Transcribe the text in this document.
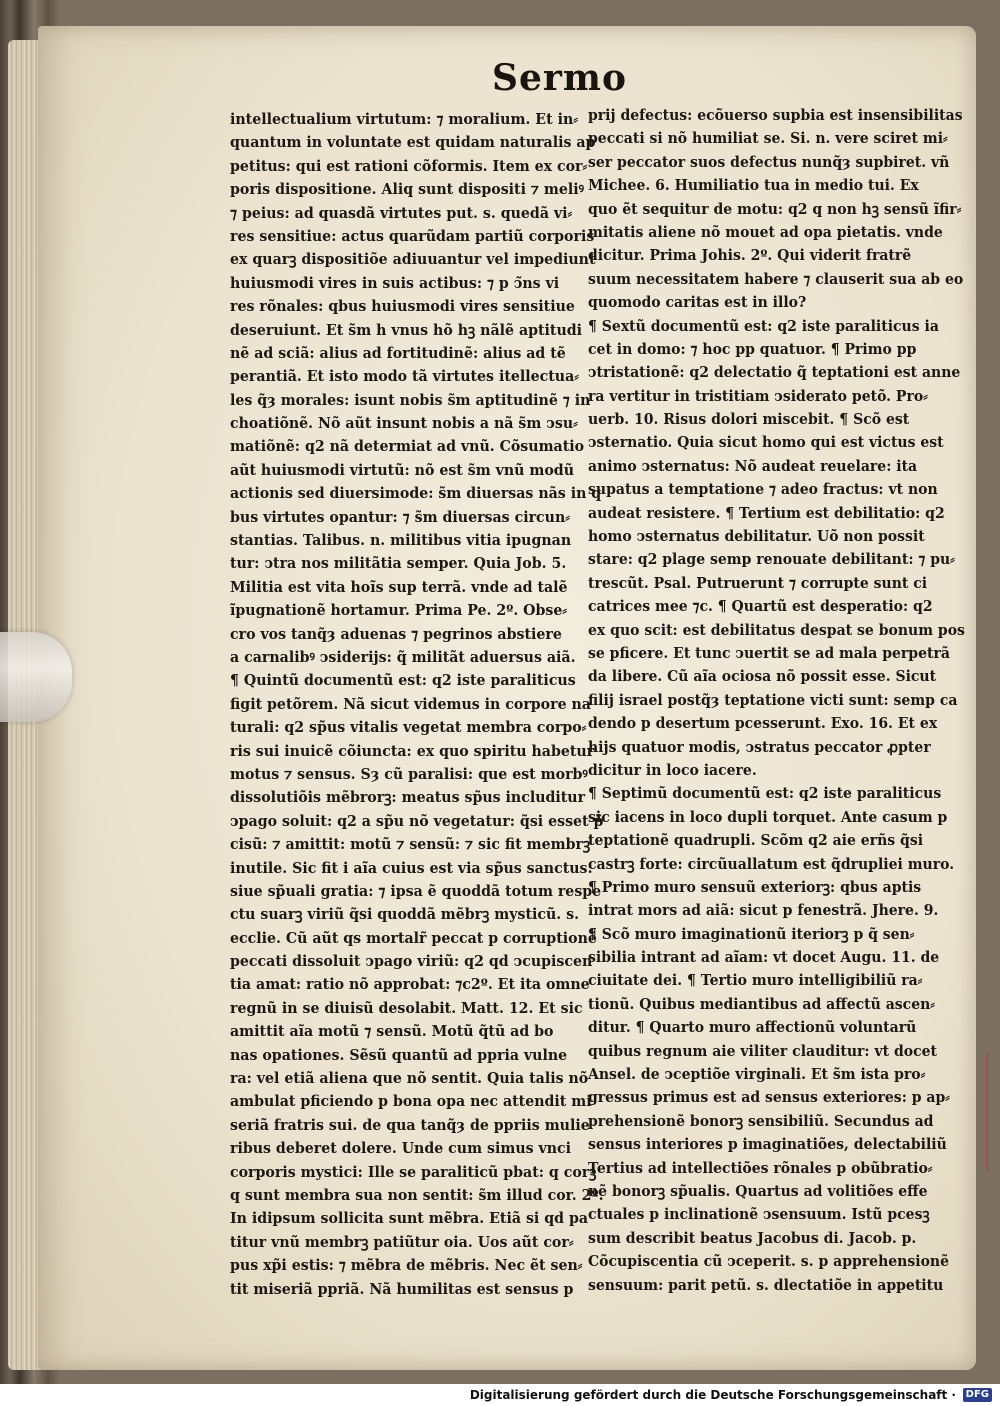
Sermo
intellectualium virtutum: ⁊ moralium. Et in⸗
quantum in voluntate est quidam naturalis ap
petitus: qui est rationi cõformis. Item ex cor⸗
poris dispositione. Aliq sunt dispositi ⁊ meliꝰ
⁊ peius: ad quasdã virtutes put. s. quedã vi⸗
res sensitiue: actus quarũdam partiũ corporis
ex quarꝫ dispositiõe adiuuantur vel impediunt
huiusmodi vires in suis actibus: ⁊ p ↄ̃ns vi
res rõnales: qbus huiusmodi vires sensitiue
deseruiunt. Et s̃m h vnus hõ hꝫ nãlẽ aptitudi
nẽ ad sciã: alius ad fortitudinẽ: alius ad tẽ
perantiã. Et isto modo tã virtutes itellectua⸗
les q̃ȝ morales: isunt nobis s̃m aptitudinẽ ⁊ in
choatiõnẽ. Nõ aũt insunt nobis a nã s̃m ↄsu⸗
matiõnẽ: q2 nã determiat ad vnũ. Cõsumatio
aũt huiusmodi virtutũ: nõ est s̃m vnũ modũ
actionis sed diuersimode: s̃m diuersas nãs in q
bus virtutes opantur: ⁊ s̃m diuersas circun⸗
stantias. Talibus. n. militibus vitia ipugnan
tur: ↄtra nos militãtia semper. Quia Job. 5.
Militia est vita hoĩs sup terrã. vnde ad talẽ
ĩpugnationẽ hortamur. Prima Pe. 2º. Obse⸗
cro vos tanq̃ȝ aduenas ⁊ pegrinos abstiere
a carnalibꝰ ↄsiderijs: q̃ militãt aduersus aiã.
¶ Quintũ documentũ est: q2 iste paraliticus
figit petõrem. Nã sicut videmus in corpore na
turali: q2 sp̃us vitalis vegetat membra corpo⸗
ris sui inuicẽ cõiuncta: ex quo spiritu habetur
motus ⁊ sensus. Sȝ cũ paralisi: que est morbꝰ
dissolutiõis mẽbrorꝫ: meatus sp̃us includitur
ↄpago soluit: q2 a sp̃u nõ vegetatur: q̃si esset p̃
cisũ: ⁊ amittit: motũ ⁊ sensũ: ⁊ sic fit membrꝫ
inutile. Sic fit i aĩa cuius est via sp̃us sanctus:
siue sp̃uali gratia: ⁊ ipsa ẽ quoddã totum respe
ctu suarꝫ viriũ q̃si quoddã mẽbrꝫ mysticũ. s.
ecclie. Cũ aũt qs mortalr̃ peccat p corruptionẽ
peccati dissoluit ↄpago viriũ: q2 qd ↄcupiscen
tia amat: ratio nõ approbat: ⁊c2º. Et ita omne
regnũ in se diuisũ desolabit. Matt. 12. Et sic
amittit aĩa motũ ⁊ sensũ. Motũ q̃tũ ad bo
nas opationes. Sẽsũ quantũ ad ppria vulne
ra: vel etiã aliena que nõ sentit. Quia talis nõ
ambulat pficiendo p bona opa nec attendit mi
seriã fratris sui. de qua tanq̃ȝ de ppriis mulie
ribus deberet dolere. Unde cum simus vnci
corporis mystici: Ille se paraliticũ pbat: q corꝫ
q sunt membra sua non sentit: s̃m illud cor. 2º.
In idipsum sollicita sunt mẽbra. Etiã si qd pa
titur vnũ membrꝫ patiũtur oia. Uos aũt cor⸗
pus xp̃i estis: ⁊ mẽbra de mẽbris. Nec ẽt sen⸗
tit miseriã ppriã. Nã humilitas est sensus p
prij defectus: ecõuerso supbia est insensibilitas
peccati si nõ humiliat se. Si. n. vere sciret mi⸗
ser peccator suos defectus nunq̃ȝ supbiret. vñ
Michee. 6. Humiliatio tua in medio tui. Ex
quo ẽt sequitur de motu: q2 q non hꝫ sensũ ĩfir⸗
mitatis aliene nõ mouet ad opa pietatis. vnde
dicitur. Prima Johis. 2º. Qui viderit fratrẽ
suum necessitatem habere ⁊ clauserit sua ab eo
quomodo caritas est in illo?
¶ Sextũ documentũ est: q2 iste paraliticus ia
cet in domo: ⁊ hoc pp quatuor. ¶ Primo pp
ↄtristationẽ: q2 delectatio q̃ teptationi est anne
ra vertitur in tristitiam ↄsiderato petõ. Pro⸗
uerb. 10. Risus dolori miscebit. ¶ Scõ est
ↄsternatio. Quia sicut homo qui est victus est
animo ↄsternatus: Nõ audeat reuelare: ita
supatus a temptatione ⁊ adeo fractus: vt non
audeat resistere. ¶ Tertium est debilitatio: q2
homo ↄsternatus debilitatur. Uõ non possit
stare: q2 plage semp renouate debilitant: ⁊ pu⸗
trescũt. Psal. Putruerunt ⁊ corrupte sunt ci
catrices mee ⁊c. ¶ Quartũ est desperatio: q2
ex quo scit: est debilitatus despat se bonum pos
se pficere. Et tunc ↄuertit se ad mala perpetrã
da libere. Cũ aĩa ociosa nõ possit esse. Sicut
filij israel postq̃ȝ teptatione victi sunt: semp ca
dendo p desertum pcesserunt. Exo. 16. Et ex
hijs quatuor modis, ↄstratus peccator ꝓpter
dicitur in loco iacere.
¶ Septimũ documentũ est: q2 iste paraliticus
sic iacens in loco dupli torquet. Ante casum p
teptationẽ quadrupli. Scõm q2 aie erñs q̃si
castrꝫ forte: circũuallatum est q̃drupliei muro.
¶ Primo muro sensuũ exteriorꝫ: qbus aptis
intrat mors ad aiã: sicut p fenestrã. Jhere. 9.
¶ Scõ muro imaginationũ iteriorꝫ p q̃ sen⸗
sibilia intrant ad aĩam: vt docet Augu. 11. de
ciuitate dei. ¶ Tertio muro intelligibiliũ ra⸗
tionũ. Quibus mediantibus ad affectũ ascen⸗
ditur. ¶ Quarto muro affectionũ voluntarũ
quibus regnum aie viliter clauditur: vt docet
Ansel. de ↄceptiõe virginali. Et s̃m ista pro⸗
gressus primus est ad sensus exteriores: p ap⸗
prehensionẽ bonorꝫ sensibiliũ. Secundus ad
sensus interiores p imaginatiões, delectabiliũ
Tertius ad intellectiões rõnales p obũbratio⸗
nẽ bonorꝫ sp̃ualis. Quartus ad volitiões effe
ctuales p inclinationẽ ↄsensuum. Istũ pcesꝫ
sum describit beatus Jacobus di. Jacob. p.
Cõcupiscentia cũ ↄceperit. s. p apprehensionẽ
sensuum: parit petũ. s. dlectatiõe in appetitu
Digitalisierung gefördert durch die Deutsche Forschungsgemeinschaft · DFG
